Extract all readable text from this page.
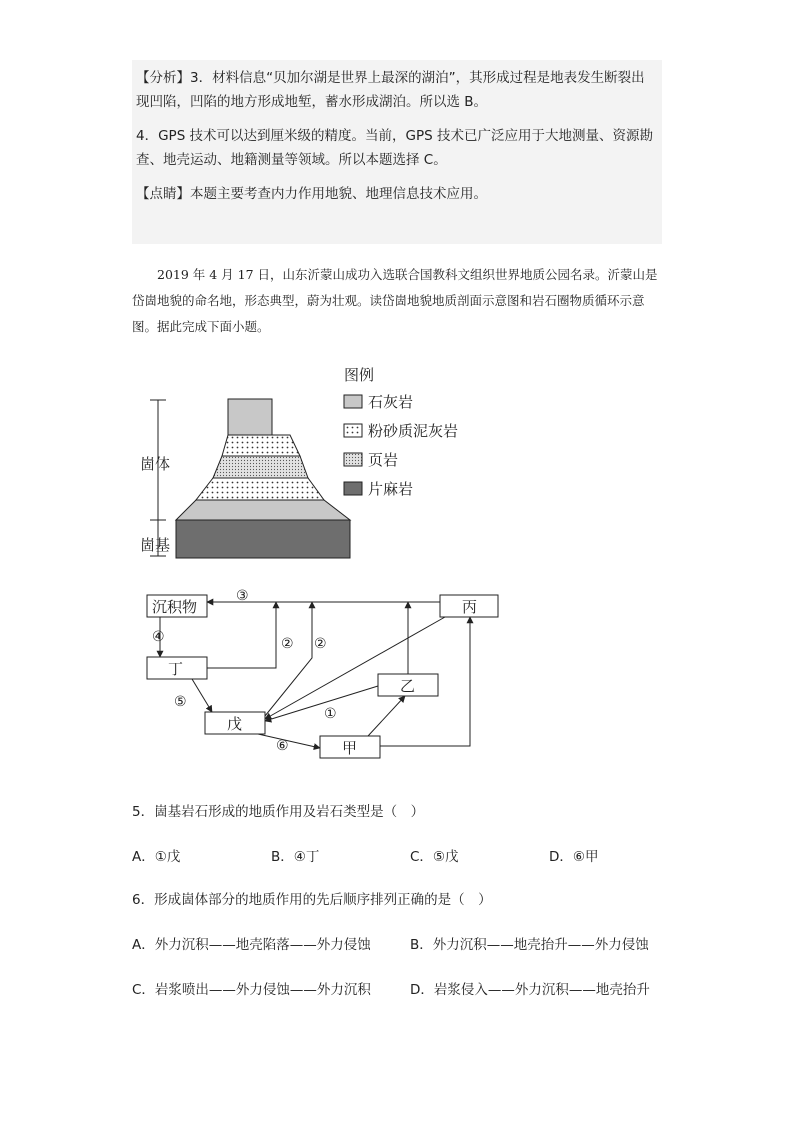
【分析】3．材料信息“贝加尔湖是世界上最深的湖泊”，其形成过程是地表发生断裂出现凹陷，凹陷的地方形成地堑，蓄水形成湖泊。所以选 B。

4．GPS 技术可以达到厘米级的精度。当前，GPS 技术已广泛应用于大地测量、资源勘查、地壳运动、地籍测量等领域。所以本题选择 C。

【点睛】本题主要考查内力作用地貌、地理信息技术应用。

　　2019 年 4 月 17 日，山东沂蒙山成功入选联合国教科文组织世界地质公园名录。沂蒙山是岱崮地貌的命名地，形态典型，蔚为壮观。读岱崮地貌地质剖面示意图和岩石圈物质循环示意图。据此完成下面小题。
崮体
崮基
图例
石灰岩
粉砂质泥灰岩
页岩
片麻岩
沉积物	丙
丁
乙
戊
甲
③
④	② ②
⑤
①
⑥
5．崮基岩石形成的地质作用及岩石类型是（　）
A．①戊	B．④丁	C．⑤戊	D．⑥甲
6．形成崮体部分的地质作用的先后顺序排列正确的是（　）
A．外力沉积——地壳陷落——外力侵蚀	B．外力沉积——地壳抬升——外力侵蚀
C．岩浆喷出——外力侵蚀——外力沉积	D．岩浆侵入——外力沉积——地壳抬升
